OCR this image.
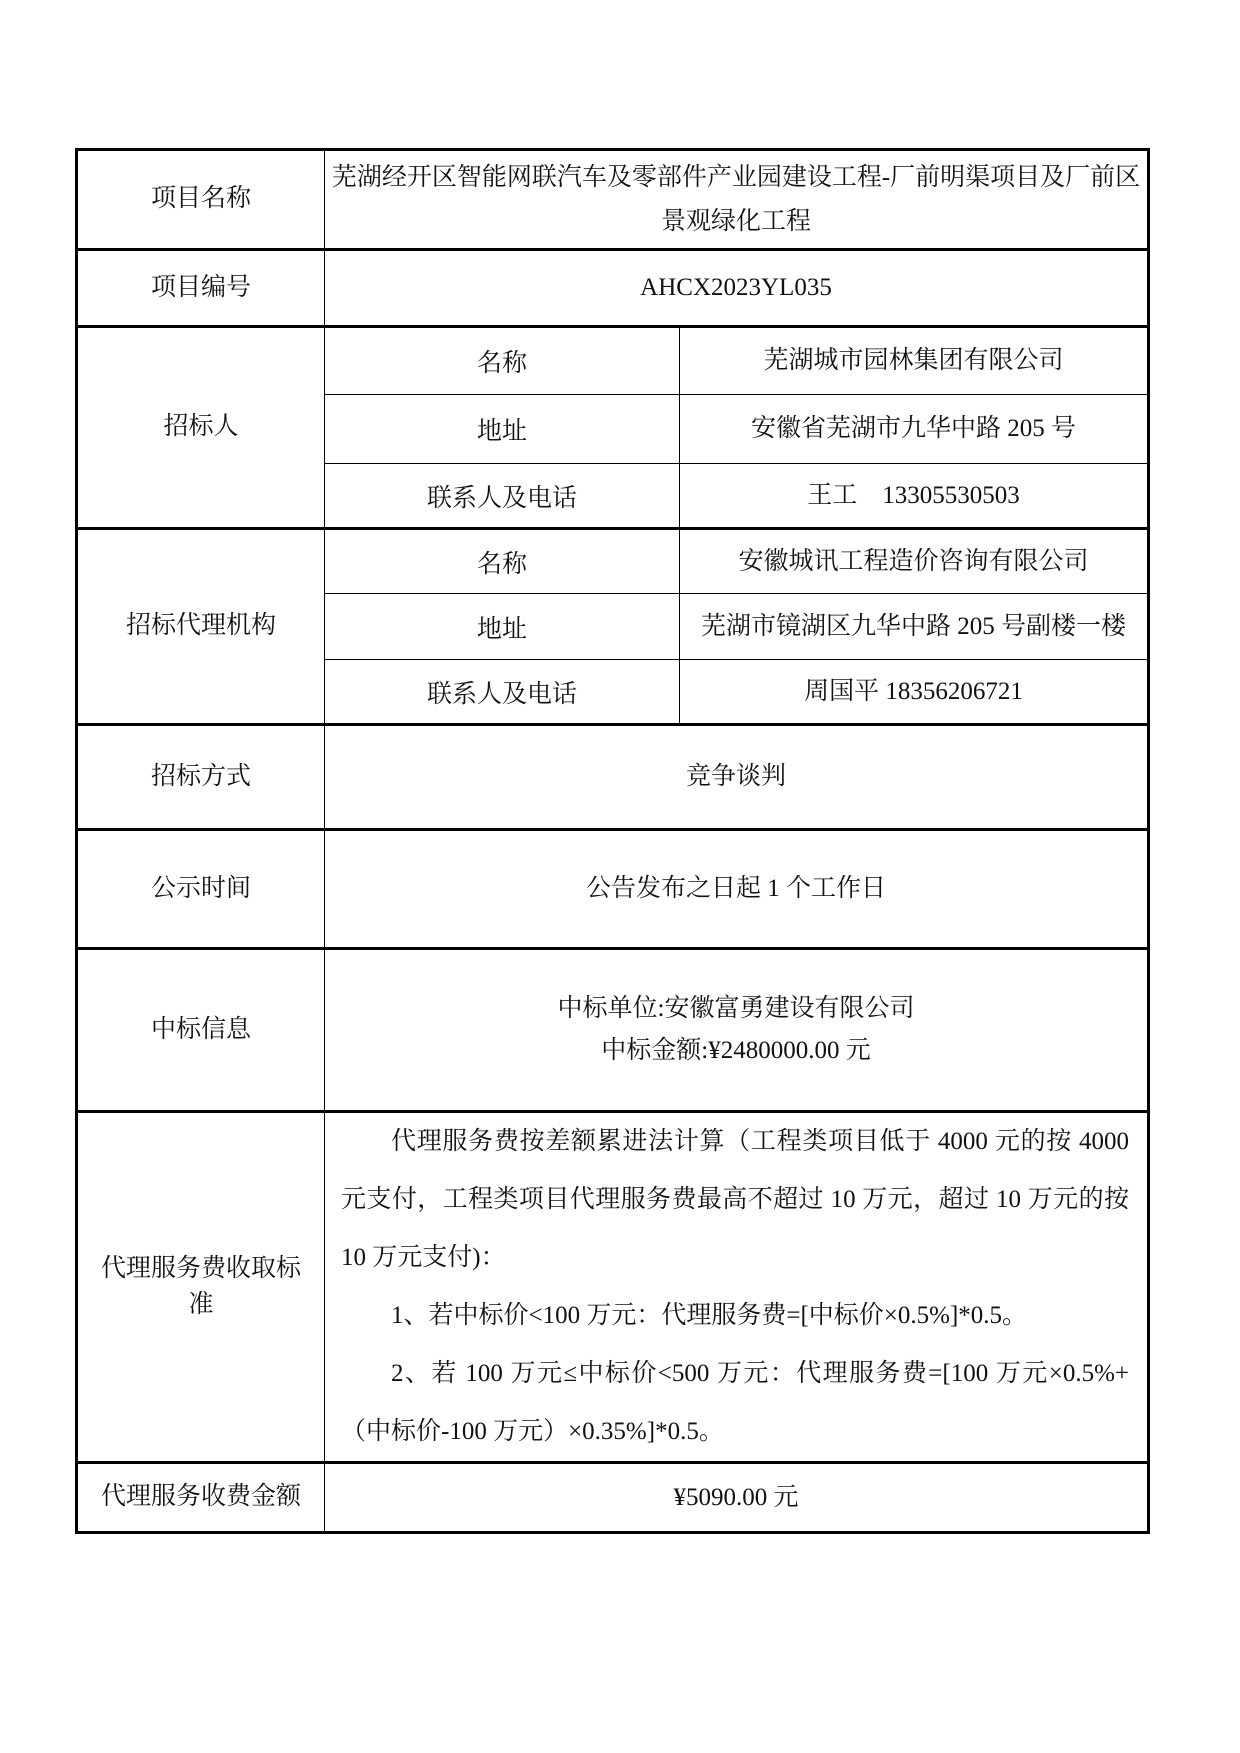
项目名称	芜湖经开区智能网联汽车及零部件产业园建设工程-厂前明渠项目及厂前区景观绿化工程	
项目编号	AHCX2023YL035	
招标人	名称	芜湖城市园林集团有限公司
	地址	安徽省芜湖市九华中路 205 号
	联系人及电话	王工　13305530503
招标代理机构	名称	安徽城讯工程造价咨询有限公司
	地址	芜湖市镜湖区九华中路 205 号副楼一楼
	联系人及电话	周国平 18356206721
招标方式	竞争谈判	
公示时间	公告发布之日起 1 个工作日	
中标信息	中标单位:安徽富勇建设有限公司
中标金额:¥2480000.00 元	

代理服务费收取标准	代理服务费按差额累进法计算（工程类项目低于 4000 元的按 4000 元支付，工程类项目代理服务费最高不超过 10 万元，超过 10 万元的按 10 万元支付)：

1、若中标价<100 万元：代理服务费=[中标价×0.5%]*0.5。

2、若 100 万元≤中标价<500 万元：代理服务费=[100 万元×0.5%+（中标价-100 万元）×0.35%]*0.5。	

代理服务收费金额	¥5090.00 元	
